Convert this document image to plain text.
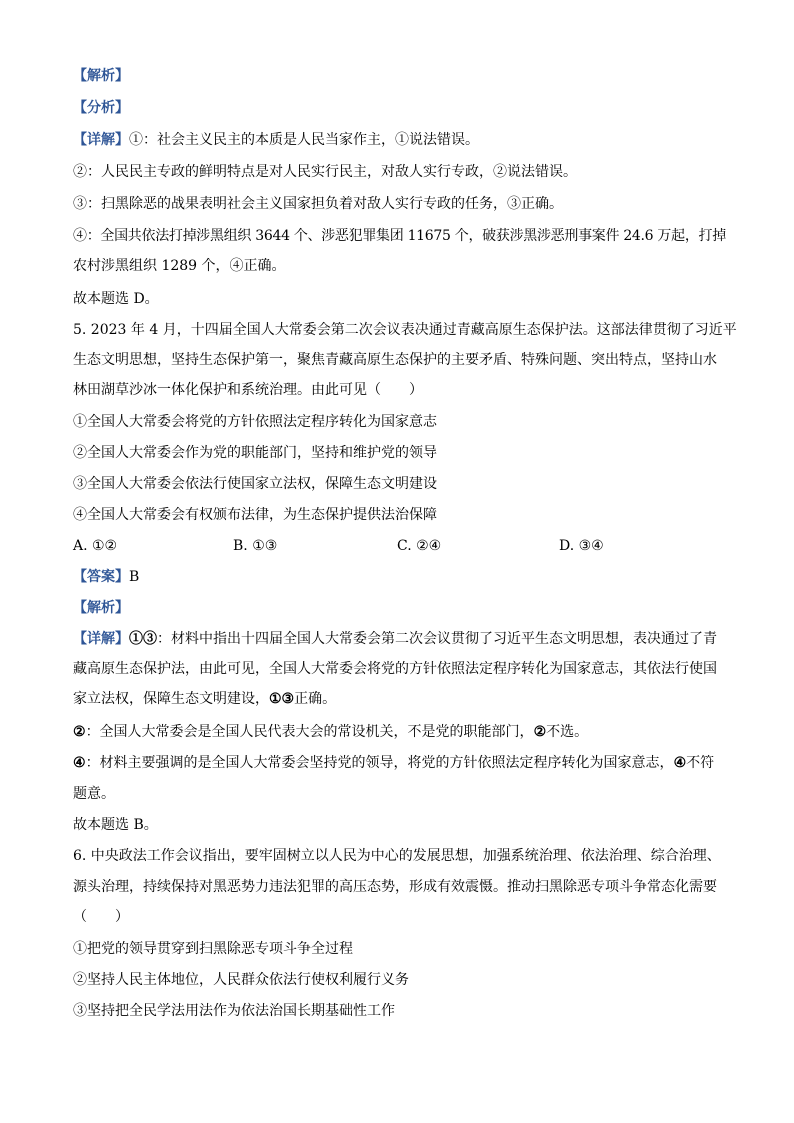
【解析】
【分析】
【详解】①：社会主义民主的本质是人民当家作主，①说法错误。
②：人民民主专政的鲜明特点是对人民实行民主，对敌人实行专政，②说法错误。
③：扫黑除恶的战果表明社会主义国家担负着对敌人实行专政的任务，③正确。
④：全国共依法打掉涉黑组织 3644 个、涉恶犯罪集团 11675 个，破获涉黑涉恶刑事案件 24.6 万起，打掉
农村涉黑组织 1289 个，④正确。
故本题选 D。
5. 2023 年 4 月，十四届全国人大常委会第二次会议表决通过青藏高原生态保护法。这部法律贯彻了习近平
生态文明思想，坚持生态保护第一，聚焦青藏高原生态保护的主要矛盾、特殊问题、突出特点，坚持山水
林田湖草沙冰一体化保护和系统治理。由此可见（　　）
①全国人大常委会将党的方针依照法定程序转化为国家意志
②全国人大常委会作为党的职能部门，坚持和维护党的领导
③全国人大常委会依法行使国家立法权，保障生态文明建设
④全国人大常委会有权颁布法律，为生态保护提供法治保障
A. ①②	B. ①③	C. ②④	D. ③④
【答案】B
【解析】
【详解】①③：材料中指出十四届全国人大常委会第二次会议贯彻了习近平生态文明思想，表决通过了青
藏高原生态保护法，由此可见，全国人大常委会将党的方针依照法定程序转化为国家意志，其依法行使国
家立法权，保障生态文明建设，①③正确。
②：全国人大常委会是全国人民代表大会的常设机关，不是党的职能部门，②不选。
④：材料主要强调的是全国人大常委会坚持党的领导，将党的方针依照法定程序转化为国家意志，④不符
题意。
故本题选 B。
6. 中央政法工作会议指出，要牢固树立以人民为中心的发展思想，加强系统治理、依法治理、综合治理、
源头治理，持续保持对黑恶势力违法犯罪的高压态势，形成有效震慑。推动扫黑除恶专项斗争常态化需要
（　　）
①把党的领导贯穿到扫黑除恶专项斗争全过程
②坚持人民主体地位，人民群众依法行使权利履行义务
③坚持把全民学法用法作为依法治国长期基础性工作
